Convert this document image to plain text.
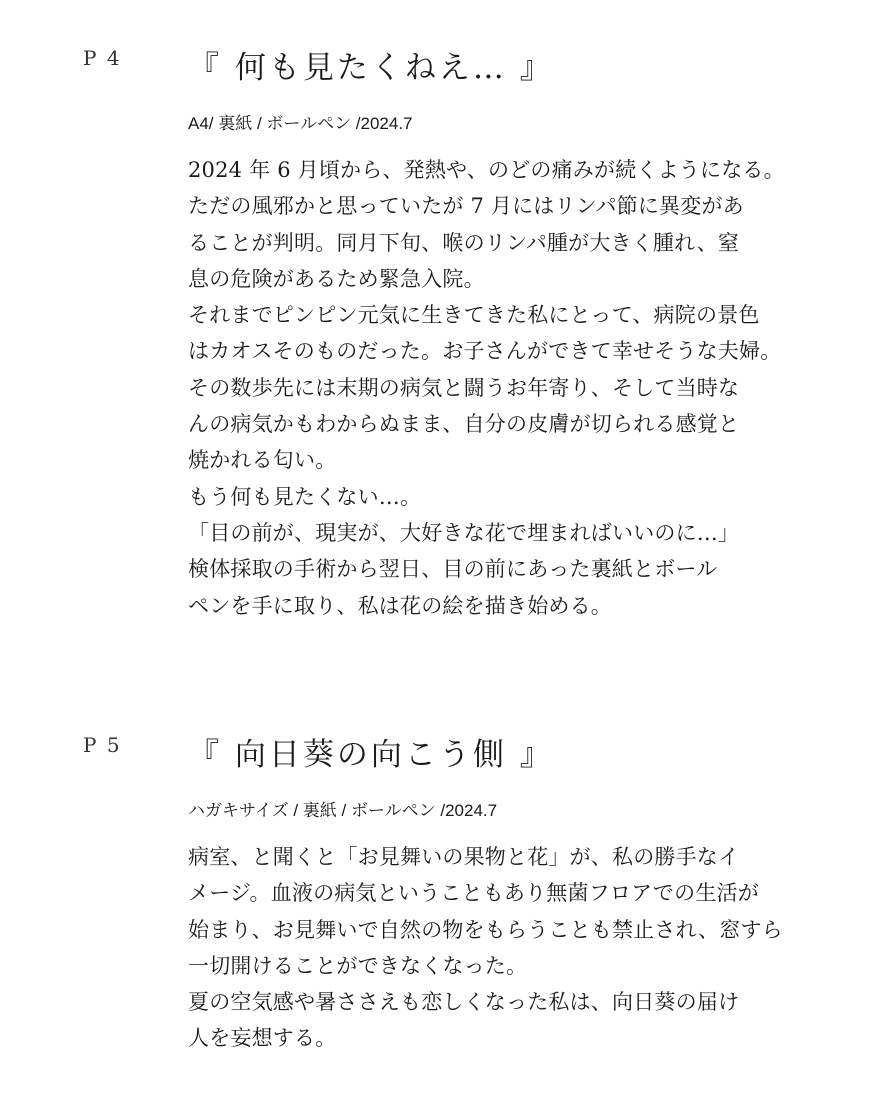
P 4 『 何も見たくねえ… 』
A4/ 裏紙 / ボールペン /2024.7
2024 年 6 月頃から、発熱や、のどの痛みが続くようになる。
ただの風邪かと思っていたが 7 月にはリンパ節に異変があ
ることが判明。同月下旬、喉のリンパ腫が大きく腫れ、窒
息の危険があるため緊急入院。
それまでピンピン元気に生きてきた私にとって、病院の景色
はカオスそのものだった。お子さんができて幸せそうな夫婦。
その数歩先には末期の病気と闘うお年寄り、そして当時な
んの病気かもわからぬまま、自分の皮膚が切られる感覚と
焼かれる匂い。
もう何も見たくない…。
「目の前が、現実が、大好きな花で埋まればいいのに…」
検体採取の手術から翌日、目の前にあった裏紙とボール
ペンを手に取り、私は花の絵を描き始める。
P 5 『 向日葵の向こう側 』
ハガキサイズ / 裏紙 / ボールペン /2024.7
病室、と聞くと「お見舞いの果物と花」が、私の勝手なイ
メージ。血液の病気ということもあり無菌フロアでの生活が
始まり、お見舞いで自然の物をもらうことも禁止され、窓すら
一切開けることができなくなった。
夏の空気感や暑ささえも恋しくなった私は、向日葵の届け
人を妄想する。
